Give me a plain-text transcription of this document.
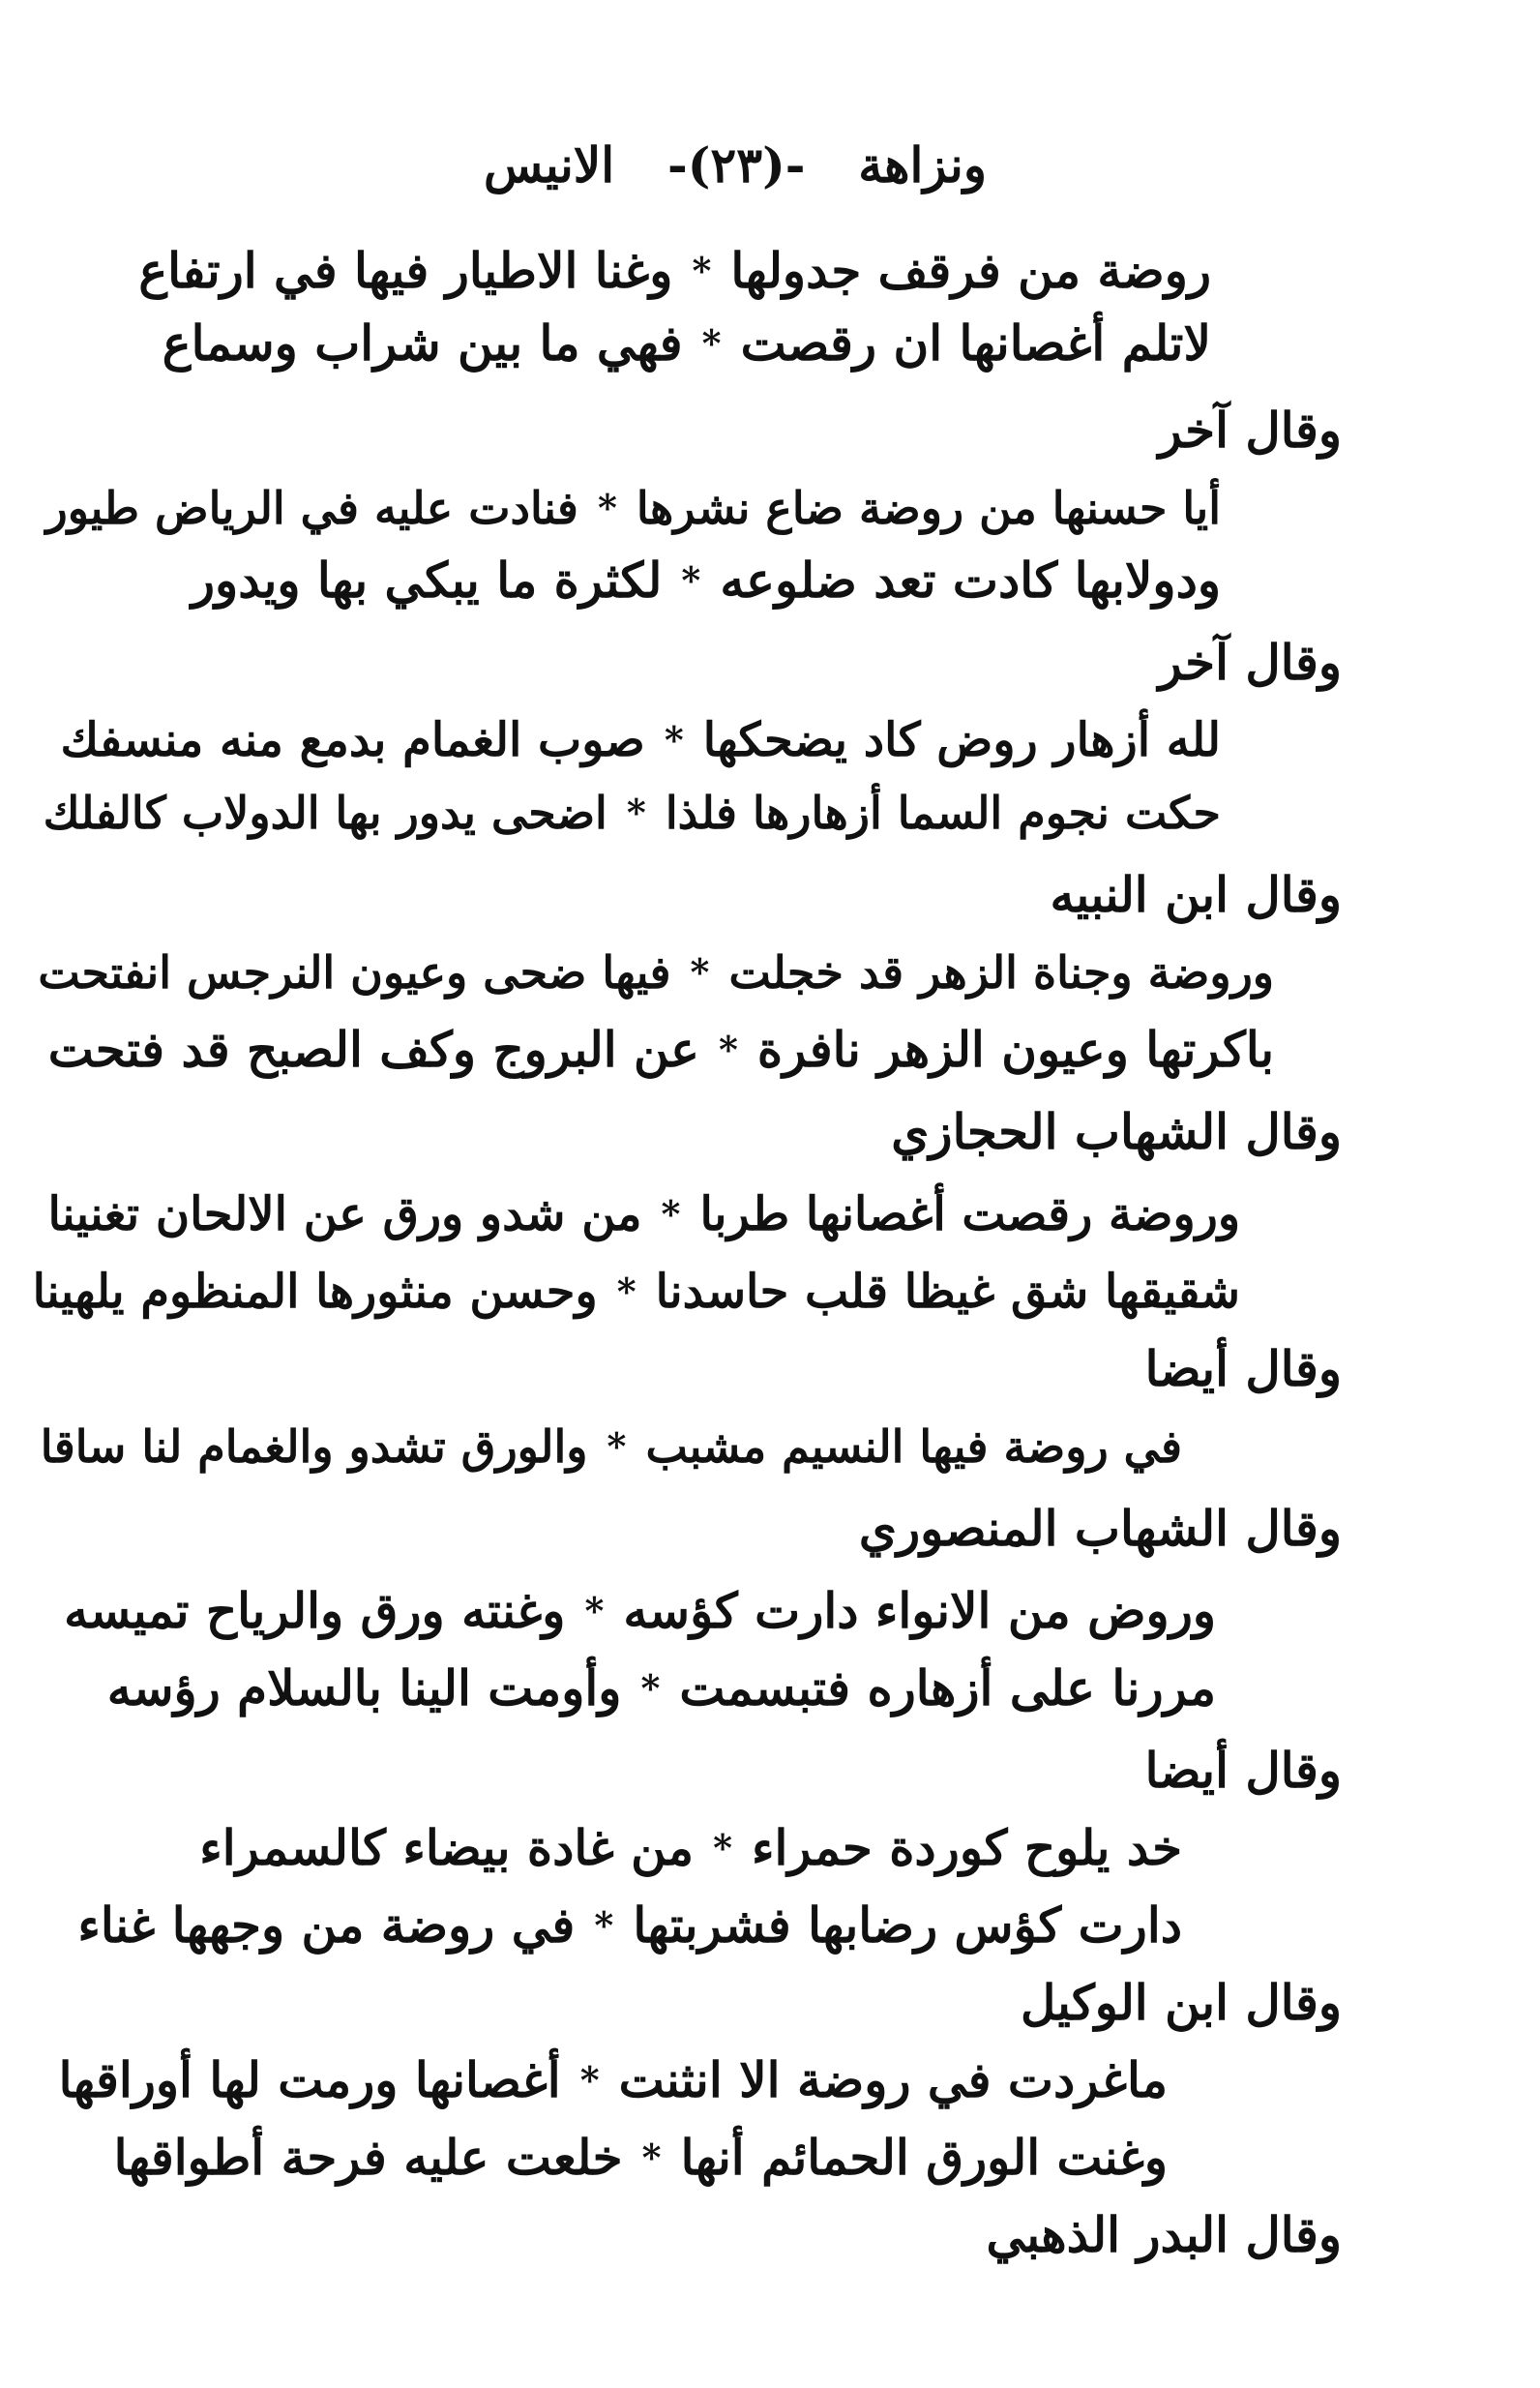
ونزاهة
-(٢٣)-
الانيس
روضة من فرقف جدولها
*
وغنا الاطيار فيها في ارتفاع
لاتلم أغصانها ان رقصت
*
فهي ما بين شراب وسماع
وقال آخر
أيا حسنها من روضة ضاع نشرها
*
فنادت عليه في الرياض طيور
ودولابها كادت تعد ضلوعه
*
لكثرة ما يبكي بها ويدور
وقال آخر
لله أزهار روض كاد يضحكها
*
صوب الغمام بدمع منه منسفك
حكت نجوم السما أزهارها فلذا
*
اضحى يدور بها الدولاب كالفلك
وقال ابن النبيه
وروضة وجناة الزهر قد خجلت
*
فيها ضحى وعيون النرجس انفتحت
باكرتها وعيون الزهر نافرة
*
عن البروج وكف الصبح قد فتحت
وقال الشهاب الحجازي
وروضة رقصت أغصانها طربا
*
من شدو ورق عن الالحان تغنينا
شقيقها شق غيظا قلب حاسدنا
*
وحسن منثورها المنظوم يلهينا
وقال أيضا
في روضة فيها النسيم مشبب
*
والورق تشدو والغمام لنا ساقا
وقال الشهاب المنصوري
وروض من الانواء دارت كؤسه
*
وغنته ورق والرياح تميسه
مررنا على أزهاره فتبسمت
*
وأومت الينا بالسلام رؤسه
وقال أيضا
خد يلوح كوردة حمراء
*
من غادة بيضاء كالسمراء
دارت كؤس رضابها فشربتها
*
في روضة من وجهها غناء
وقال ابن الوكيل
ماغردت في روضة الا انثنت
*
أغصانها ورمت لها أوراقها
وغنت الورق الحمائم أنها
*
خلعت عليه فرحة أطواقها
وقال البدر الذهبي
